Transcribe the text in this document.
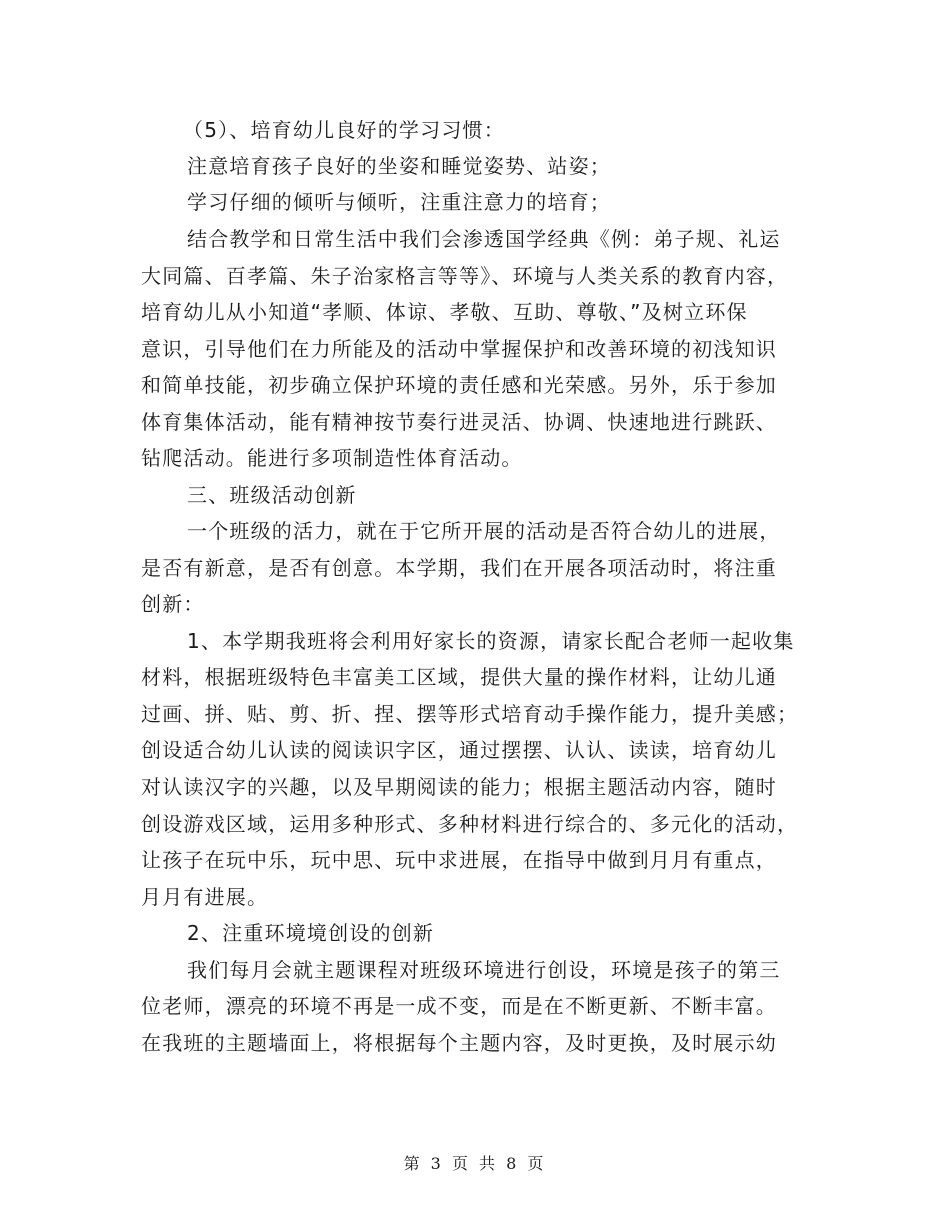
（5）、培育幼儿良好的学习习惯：
注意培育孩子良好的坐姿和睡觉姿势、站姿；
学习仔细的倾听与倾听，注重注意力的培育；
结合教学和日常生活中我们会渗透国学经典《例：弟子规、礼运
大同篇、百孝篇、朱子治家格言等等》、环境与人类关系的教育内容，
培育幼儿从小知道“孝顺、体谅、孝敬、互助、尊敬、”及树立环保
意识，引导他们在力所能及的活动中掌握保护和改善环境的初浅知识
和简单技能，初步确立保护环境的责任感和光荣感。另外，乐于参加
体育集体活动，能有精神按节奏行进灵活、协调、快速地进行跳跃、
钻爬活动。能进行多项制造性体育活动。
三、班级活动创新
一个班级的活力，就在于它所开展的活动是否符合幼儿的进展，
是否有新意，是否有创意。本学期，我们在开展各项活动时，将注重
创新：
1、本学期我班将会利用好家长的资源，请家长配合老师一起收集
材料，根据班级特色丰富美工区域，提供大量的操作材料，让幼儿通
过画、拼、贴、剪、折、捏、摆等形式培育动手操作能力，提升美感；
创设适合幼儿认读的阅读识字区，通过摆摆、认认、读读，培育幼儿
对认读汉字的兴趣，以及早期阅读的能力；根据主题活动内容，随时
创设游戏区域，运用多种形式、多种材料进行综合的、多元化的活动，
让孩子在玩中乐，玩中思、玩中求进展，在指导中做到月月有重点，
月月有进展。
2、注重环境境创设的创新
我们每月会就主题课程对班级环境进行创设，环境是孩子的第三
位老师，漂亮的环境不再是一成不变，而是在不断更新、不断丰富。
在我班的主题墙面上，将根据每个主题内容，及时更换，及时展示幼
第 3 页 共 8 页
